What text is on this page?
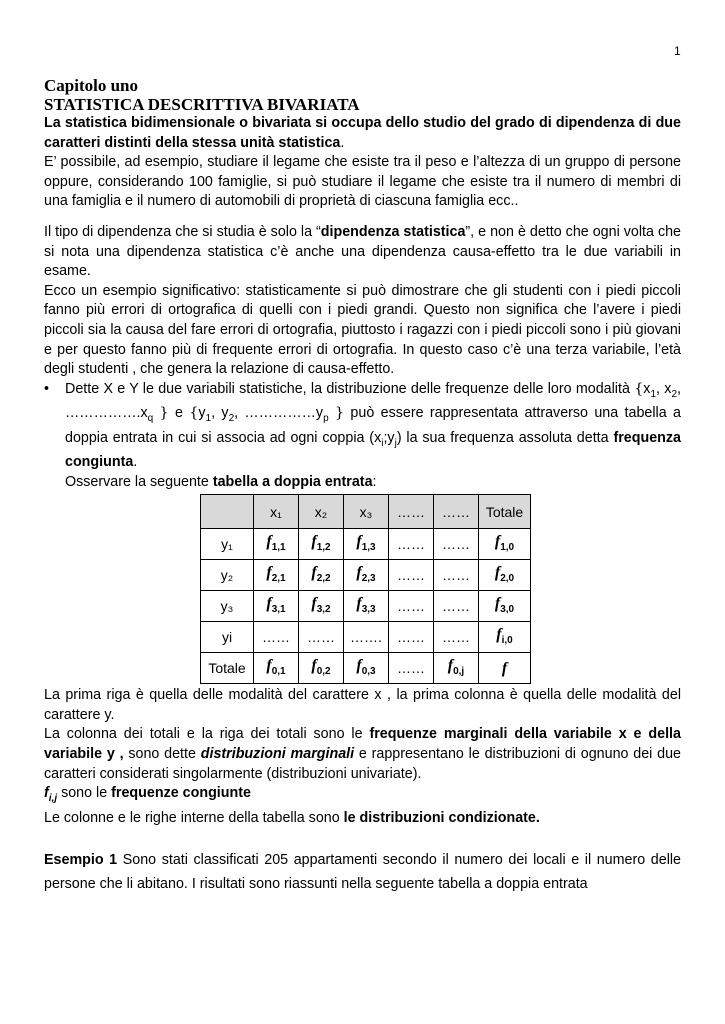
1
Capitolo uno
STATISTICA DESCRITTIVA BIVARIATA

La statistica bidimensionale o bivariata si occupa dello studio del grado di dipendenza di due caratteri distinti della stessa unità statistica.

E’ possibile, ad esempio, studiare il legame che esiste tra il peso e l’altezza di un gruppo di persone oppure, considerando 100 famiglie, si può studiare il legame che esiste tra il numero di membri di una famiglia e il numero di automobili di proprietà di ciascuna famiglia ecc..

Il tipo di dipendenza che si studia è solo la “dipendenza statistica”, e non è detto che ogni volta che si nota una dipendenza statistica c’è anche una dipendenza causa-effetto tra le due variabili in esame.

Ecco un esempio significativo: statisticamente si può dimostrare che gli studenti con i piedi piccoli fanno più errori di ortografica di quelli con i piedi grandi. Questo non significa che l’avere i piedi piccoli sia la causa del fare errori di ortografia, piuttosto i ragazzi con i piedi piccoli sono i più giovani e per questo fanno più di frequente errori di ortografia. In questo caso c’è una terza variabile, l’età degli studenti , che genera la relazione di causa-effetto.

• Dette X e Y le due variabili statistiche, la distribuzione delle frequenze delle loro modalità {$x_1$, $x_2$, $\dots\dots\dots\dots\dots.x_q$ } e {$y_1$, $y_2$, $\dots\dots\dots\dots\dots y_p$ } può essere rappresentata attraverso una tabella a doppia entrata in cui si associa ad ogni coppia $(x_i;y_j)$ la sua frequenza assoluta detta frequenza congiunta.

Osservare la seguente tabella a doppia entrata:

	x₁	x₂	x₃	……	……	Totale
y₁	$f_{1,1}$	$f_{1,2}$	$f_{1,3}$	……	……	$f_{1,0}$
y₂	$f_{2,1}$	$f_{2,2}$	$f_{2,3}$	……	……	$f_{2,0}$
y₃	$f_{3,1}$	$f_{3,2}$	$f_{3,3}$	……	……	$f_{3,0}$
yi	……	……	…….	……	……	$f_{i,0}$
Totale	$f_{0,1}$	$f_{0,2}$	$f_{0,3}$	……	$f_{0,j}$	f

La prima riga è quella delle modalità del carattere x , la prima colonna è quella delle modalità del carattere y.

La colonna dei totali e la riga dei totali sono le frequenze marginali della variabile x e della variabile y , sono dette distribuzioni marginali e rappresentano le distribuzioni di ognuno dei due caratteri considerati singolarmente (distribuzioni univariate).

$f_{i,j}$ sono le frequenze congiunte

Le colonne e le righe interne della tabella sono le distribuzioni condizionate.

Esempio 1 Sono stati classificati 205 appartamenti secondo il numero dei locali e il numero delle persone che li abitano. I risultati sono riassunti nella seguente tabella a doppia entrata
